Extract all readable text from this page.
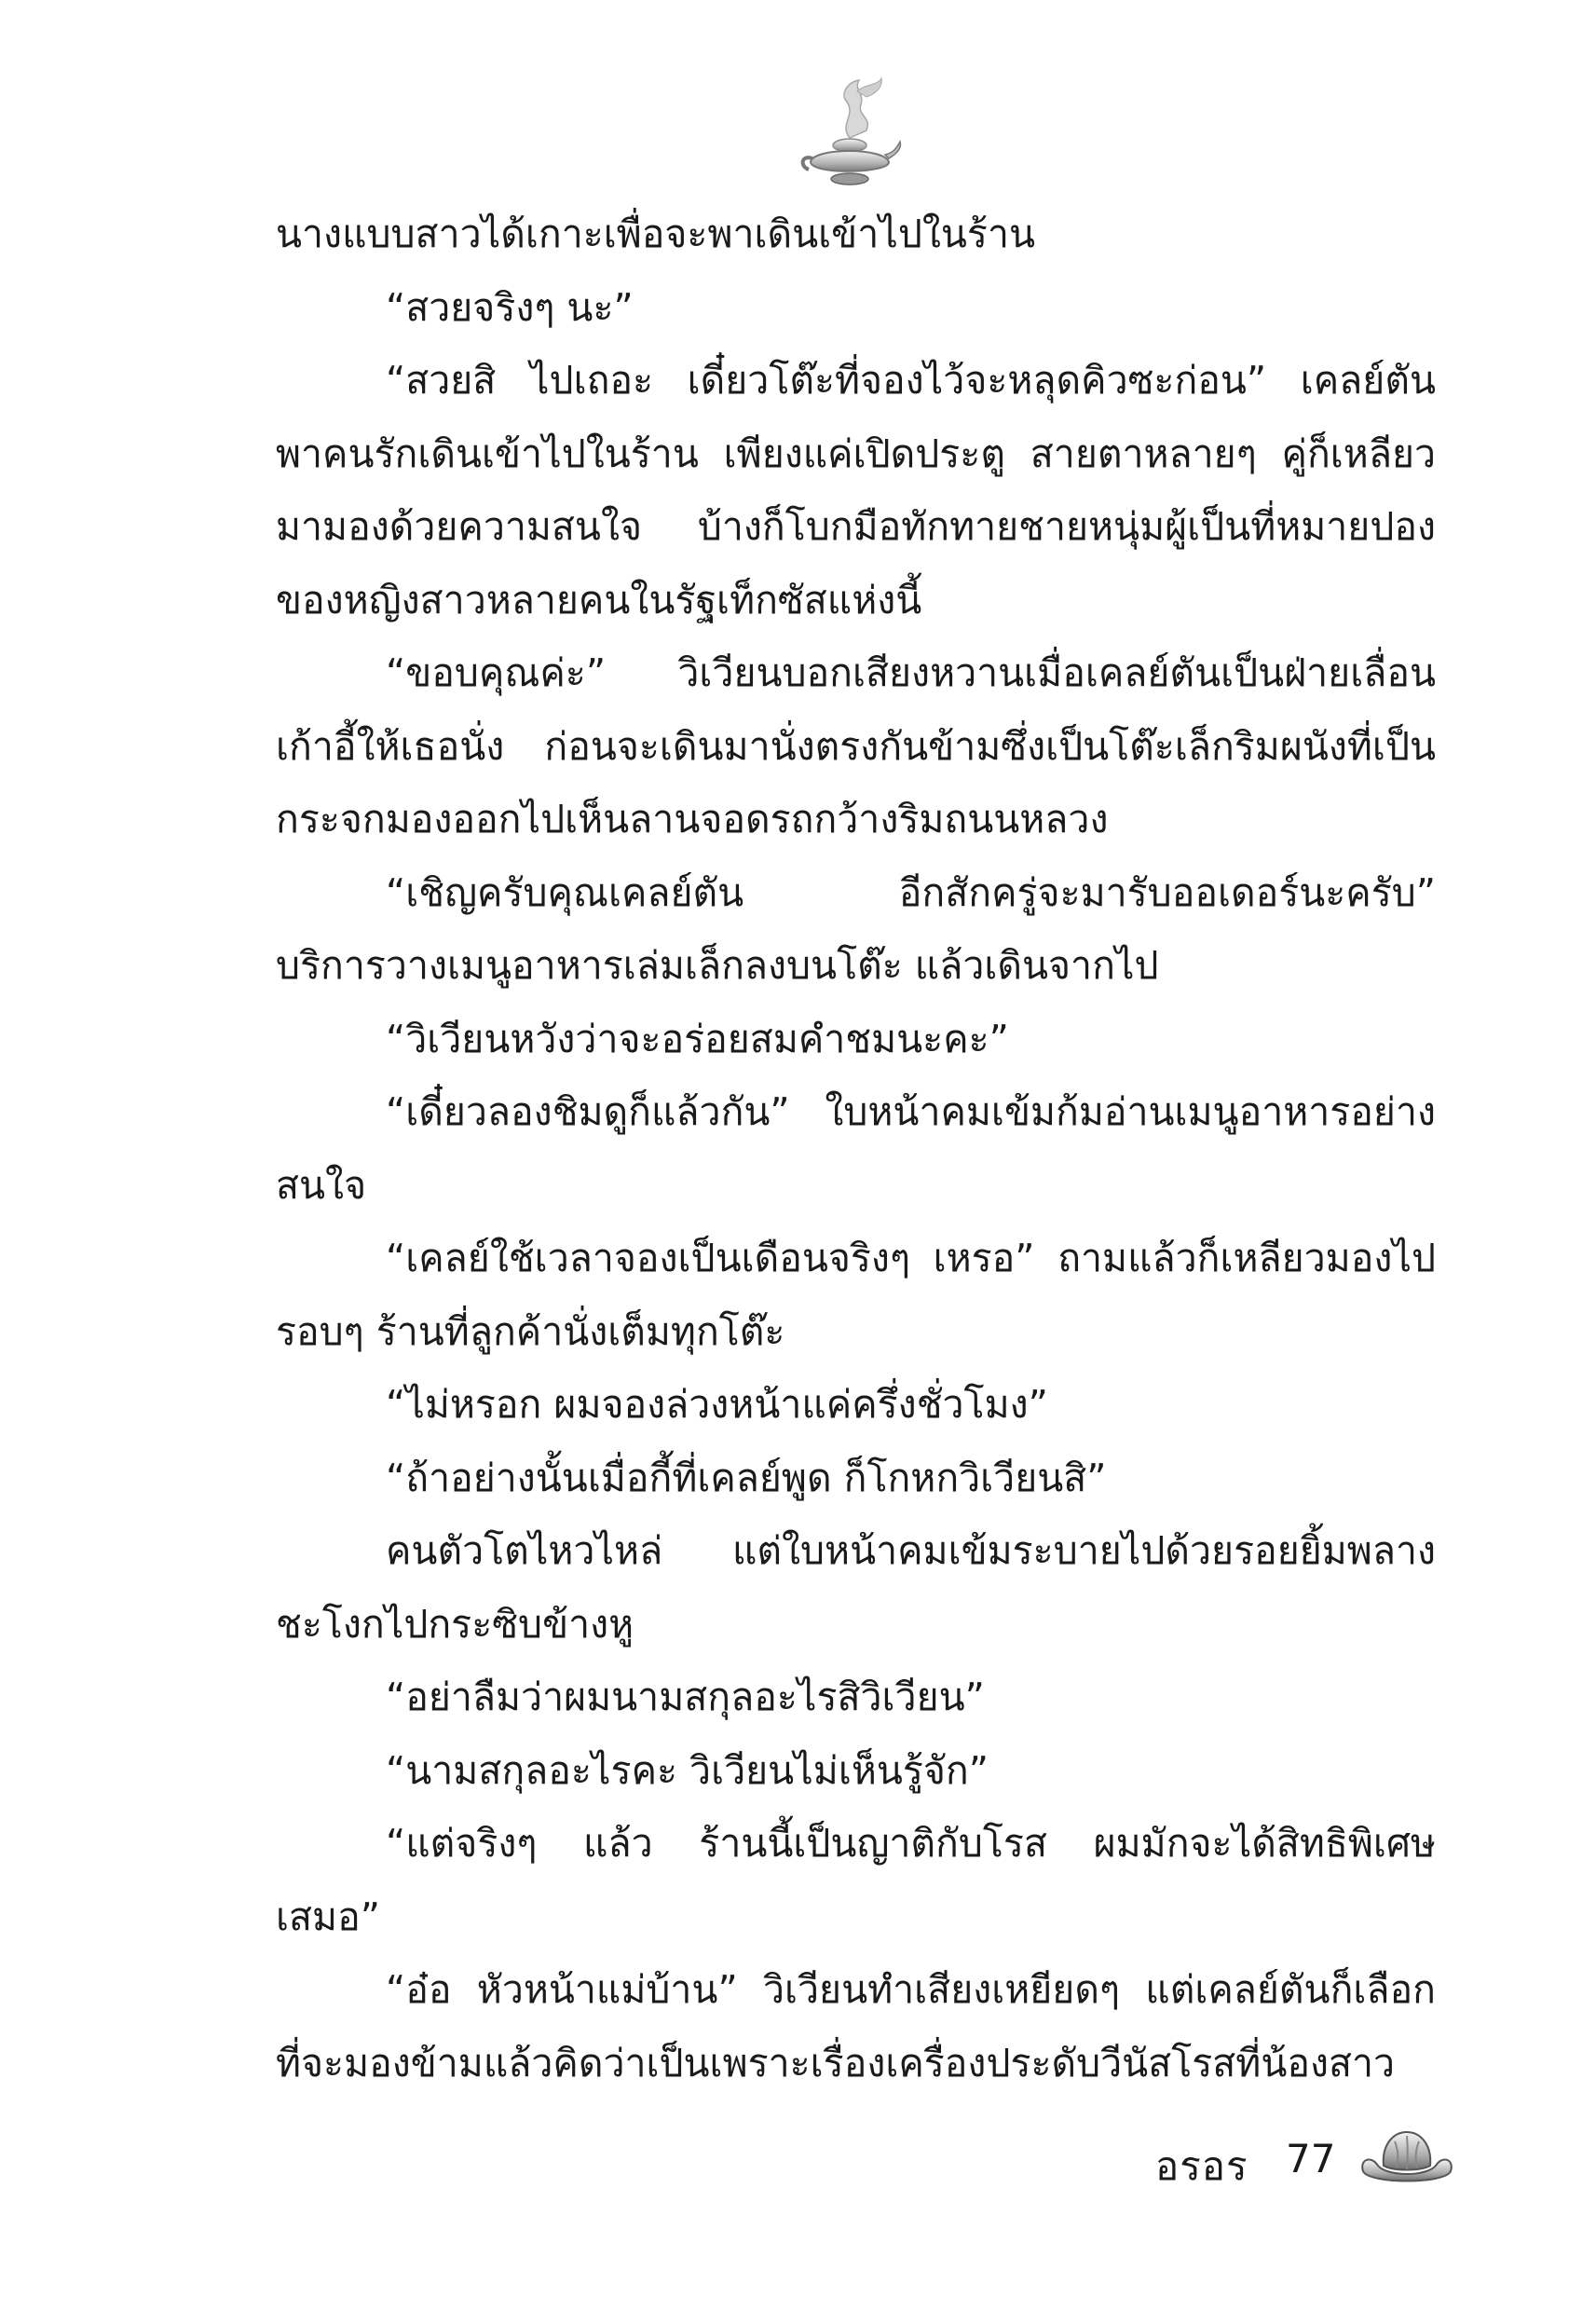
นางแบบสาวได้เกาะเพื่อจะพาเดินเข้าไปในร้าน
“สวยจริงๆ นะ”
“สวยสิ ไปเถอะ เดี๋ยวโต๊ะที่จองไว้จะหลุดคิวซะก่อน” เคลย์ตัน
พาคนรักเดินเข้าไปในร้าน เพียงแค่เปิดประตู สายตาหลายๆ คู่ก็เหลียว
มามองด้วยความสนใจ บ้างก็โบกมือทักทายชายหนุ่มผู้เป็นที่หมายปอง
ของหญิงสาวหลายคนในรัฐเท็กซัสแห่งนี้
“ขอบคุณค่ะ” วิเวียนบอกเสียงหวานเมื่อเคลย์ตันเป็นฝ่ายเลื่อน
เก้าอี้ให้เธอนั่ง ก่อนจะเดินมานั่งตรงกันข้ามซึ่งเป็นโต๊ะเล็กริมผนังที่เป็น
กระจกมองออกไปเห็นลานจอดรถกว้างริมถนนหลวง
“เชิญครับคุณเคลย์ตัน อีกสักครู่จะมารับออเดอร์นะครับ”
บริการวางเมนูอาหารเล่มเล็กลงบนโต๊ะ แล้วเดินจากไป
“วิเวียนหวังว่าจะอร่อยสมคำชมนะคะ”
“เดี๋ยวลองชิมดูก็แล้วกัน” ใบหน้าคมเข้มก้มอ่านเมนูอาหารอย่าง
สนใจ
“เคลย์ใช้เวลาจองเป็นเดือนจริงๆ เหรอ” ถามแล้วก็เหลียวมองไป
รอบๆ ร้านที่ลูกค้านั่งเต็มทุกโต๊ะ
“ไม่หรอก ผมจองล่วงหน้าแค่ครึ่งชั่วโมง”
“ถ้าอย่างนั้นเมื่อกี้ที่เคลย์พูด ก็โกหกวิเวียนสิ”
คนตัวโตไหวไหล่ แต่ใบหน้าคมเข้มระบายไปด้วยรอยยิ้มพลาง
ชะโงกไปกระซิบข้างหู
“อย่าลืมว่าผมนามสกุลอะไรสิวิเวียน”
“นามสกุลอะไรคะ วิเวียนไม่เห็นรู้จัก”
“แต่จริงๆ แล้ว ร้านนี้เป็นญาติกับโรส ผมมักจะได้สิทธิพิเศษ
เสมอ”
“อ๋อ หัวหน้าแม่บ้าน” วิเวียนทำเสียงเหยียดๆ แต่เคลย์ตันก็เลือก
ที่จะมองข้ามแล้วคิดว่าเป็นเพราะเรื่องเครื่องประดับวีนัสโรสที่น้องสาว
อรอร 77
